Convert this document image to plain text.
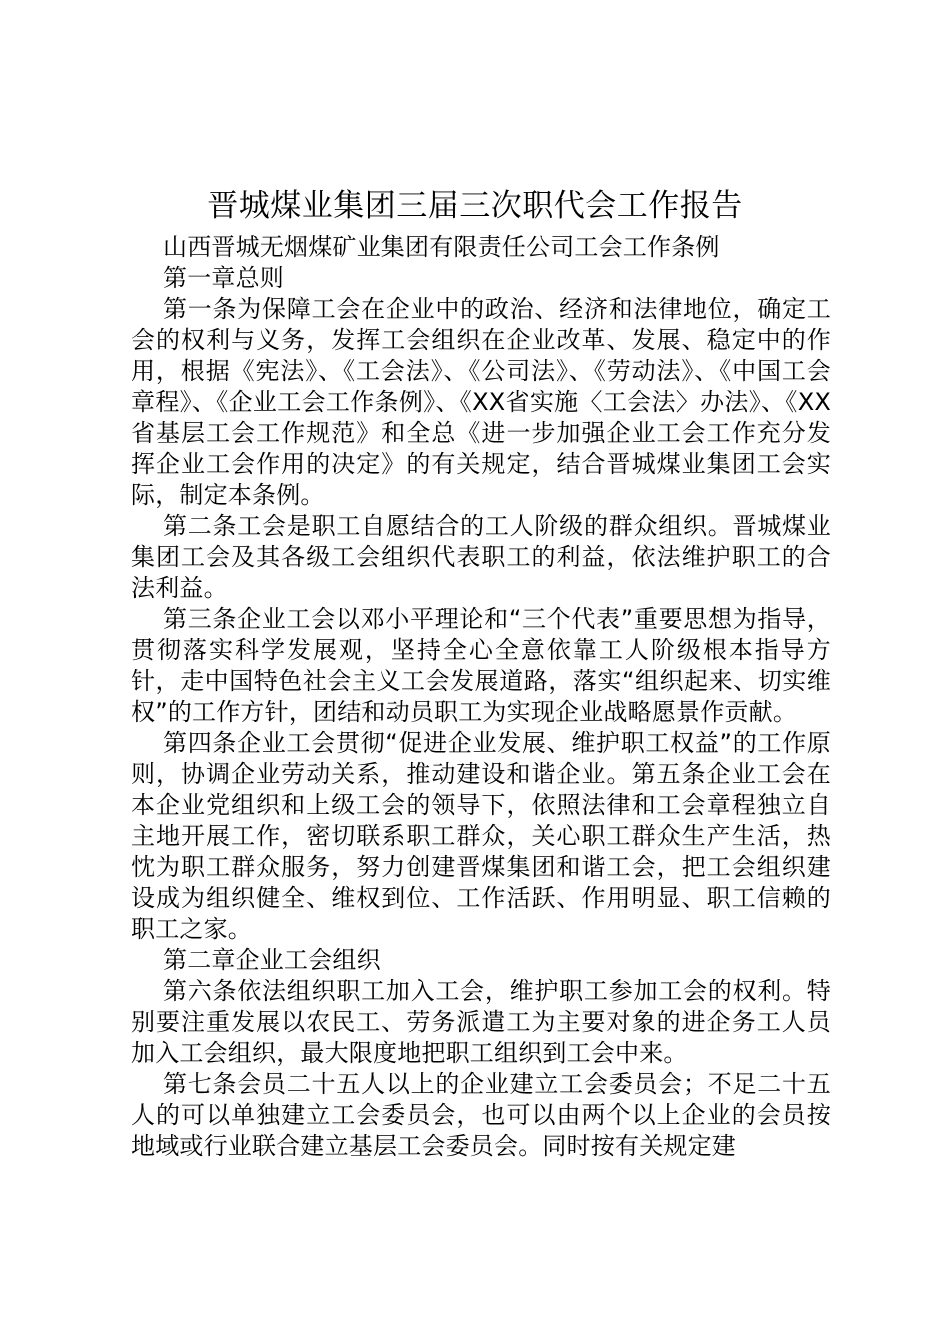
晋城煤业集团三届三次职代会工作报告

山西晋城无烟煤矿业集团有限责任公司工会工作条例

第一章总则

第一条为保障工会在企业中的政治、经济和法律地位，确定工会的权利与义务，发挥工会组织在企业改革、发展、稳定中的作用，根据《宪法》、《工会法》、《公司法》、《劳动法》、《中国工会章程》、《企业工会工作条例》、《XX省实施〈工会法〉办法》、《XX省基层工会工作规范》和全总《进一步加强企业工会工作充分发挥企业工会作用的决定》的有关规定，结合晋城煤业集团工会实际，制定本条例。

第二条工会是职工自愿结合的工人阶级的群众组织。晋城煤业集团工会及其各级工会组织代表职工的利益，依法维护职工的合法利益。

第三条企业工会以邓小平理论和“三个代表”重要思想为指导，贯彻落实科学发展观，坚持全心全意依靠工人阶级根本指导方针，走中国特色社会主义工会发展道路，落实“组织起来、切实维权”的工作方针，团结和动员职工为实现企业战略愿景作贡献。

第四条企业工会贯彻“促进企业发展、维护职工权益”的工作原则，协调企业劳动关系，推动建设和谐企业。第五条企业工会在本企业党组织和上级工会的领导下，依照法律和工会章程独立自主地开展工作，密切联系职工群众，关心职工群众生产生活，热忱为职工群众服务，努力创建晋煤集团和谐工会，把工会组织建设成为组织健全、维权到位、工作活跃、作用明显、职工信赖的职工之家。

第二章企业工会组织

第六条依法组织职工加入工会，维护职工参加工会的权利。特别要注重发展以农民工、劳务派遣工为主要对象的进企务工人员加入工会组织，最大限度地把职工组织到工会中来。

第七条会员二十五人以上的企业建立工会委员会；不足二十五人的可以单独建立工会委员会，也可以由两个以上企业的会员按地域或行业联合建立基层工会委员会。同时按有关规定建
